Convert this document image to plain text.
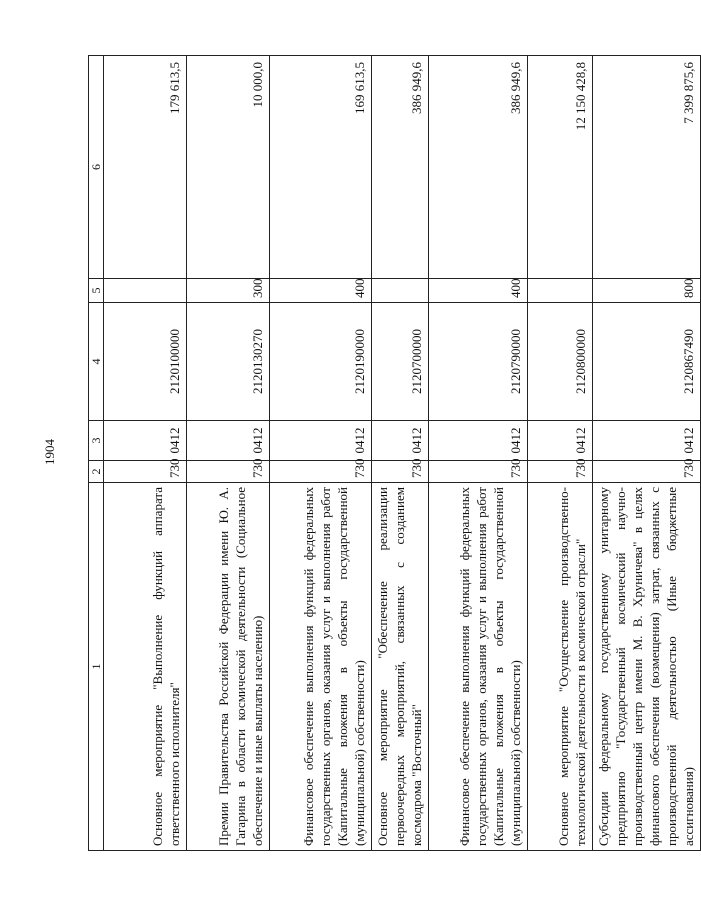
1904
1	2	3	4	5	6
Основное мероприятие "Выполнение функций аппарата ответственного исполнителя"	730	0412	2120100000		179 613,5
Премии Правительства Российской Федерации имени Ю. А. Гагарина в области космической деятельности (Социальное обеспечение и иные выплаты населению)	730	0412	2120130270	300	10 000,0
Финансовое обеспечение выполнения функций федеральных государственных органов, оказания услуг и выполнения работ (Капитальные вложения в объекты государственной (муниципальной) собственности)	730	0412	2120190000	400	169 613,5
Основное мероприятие "Обеспечение реализации первоочередных мероприятий, связанных с созданием космодрома "Восточный"	730	0412	2120700000		386 949,6
Финансовое обеспечение выполнения функций федеральных государственных органов, оказания услуг и выполнения работ (Капитальные вложения в объекты государственной (муниципальной) собственности)	730	0412	2120790000	400	386 949,6
Основное мероприятие "Осуществление производственно-технологической деятельности в космической отрасли"	730	0412	2120800000		12 150 428,8
Субсидии федеральному государственному унитарному предприятию "Государственный космический научно-производственный центр имени М. В. Хруничева" в целях финансового обеспечения (возмещения) затрат, связанных с производственной деятельностью (Иные бюджетные ассигнования)	730	0412	2120867490	800	7 399 875,6
